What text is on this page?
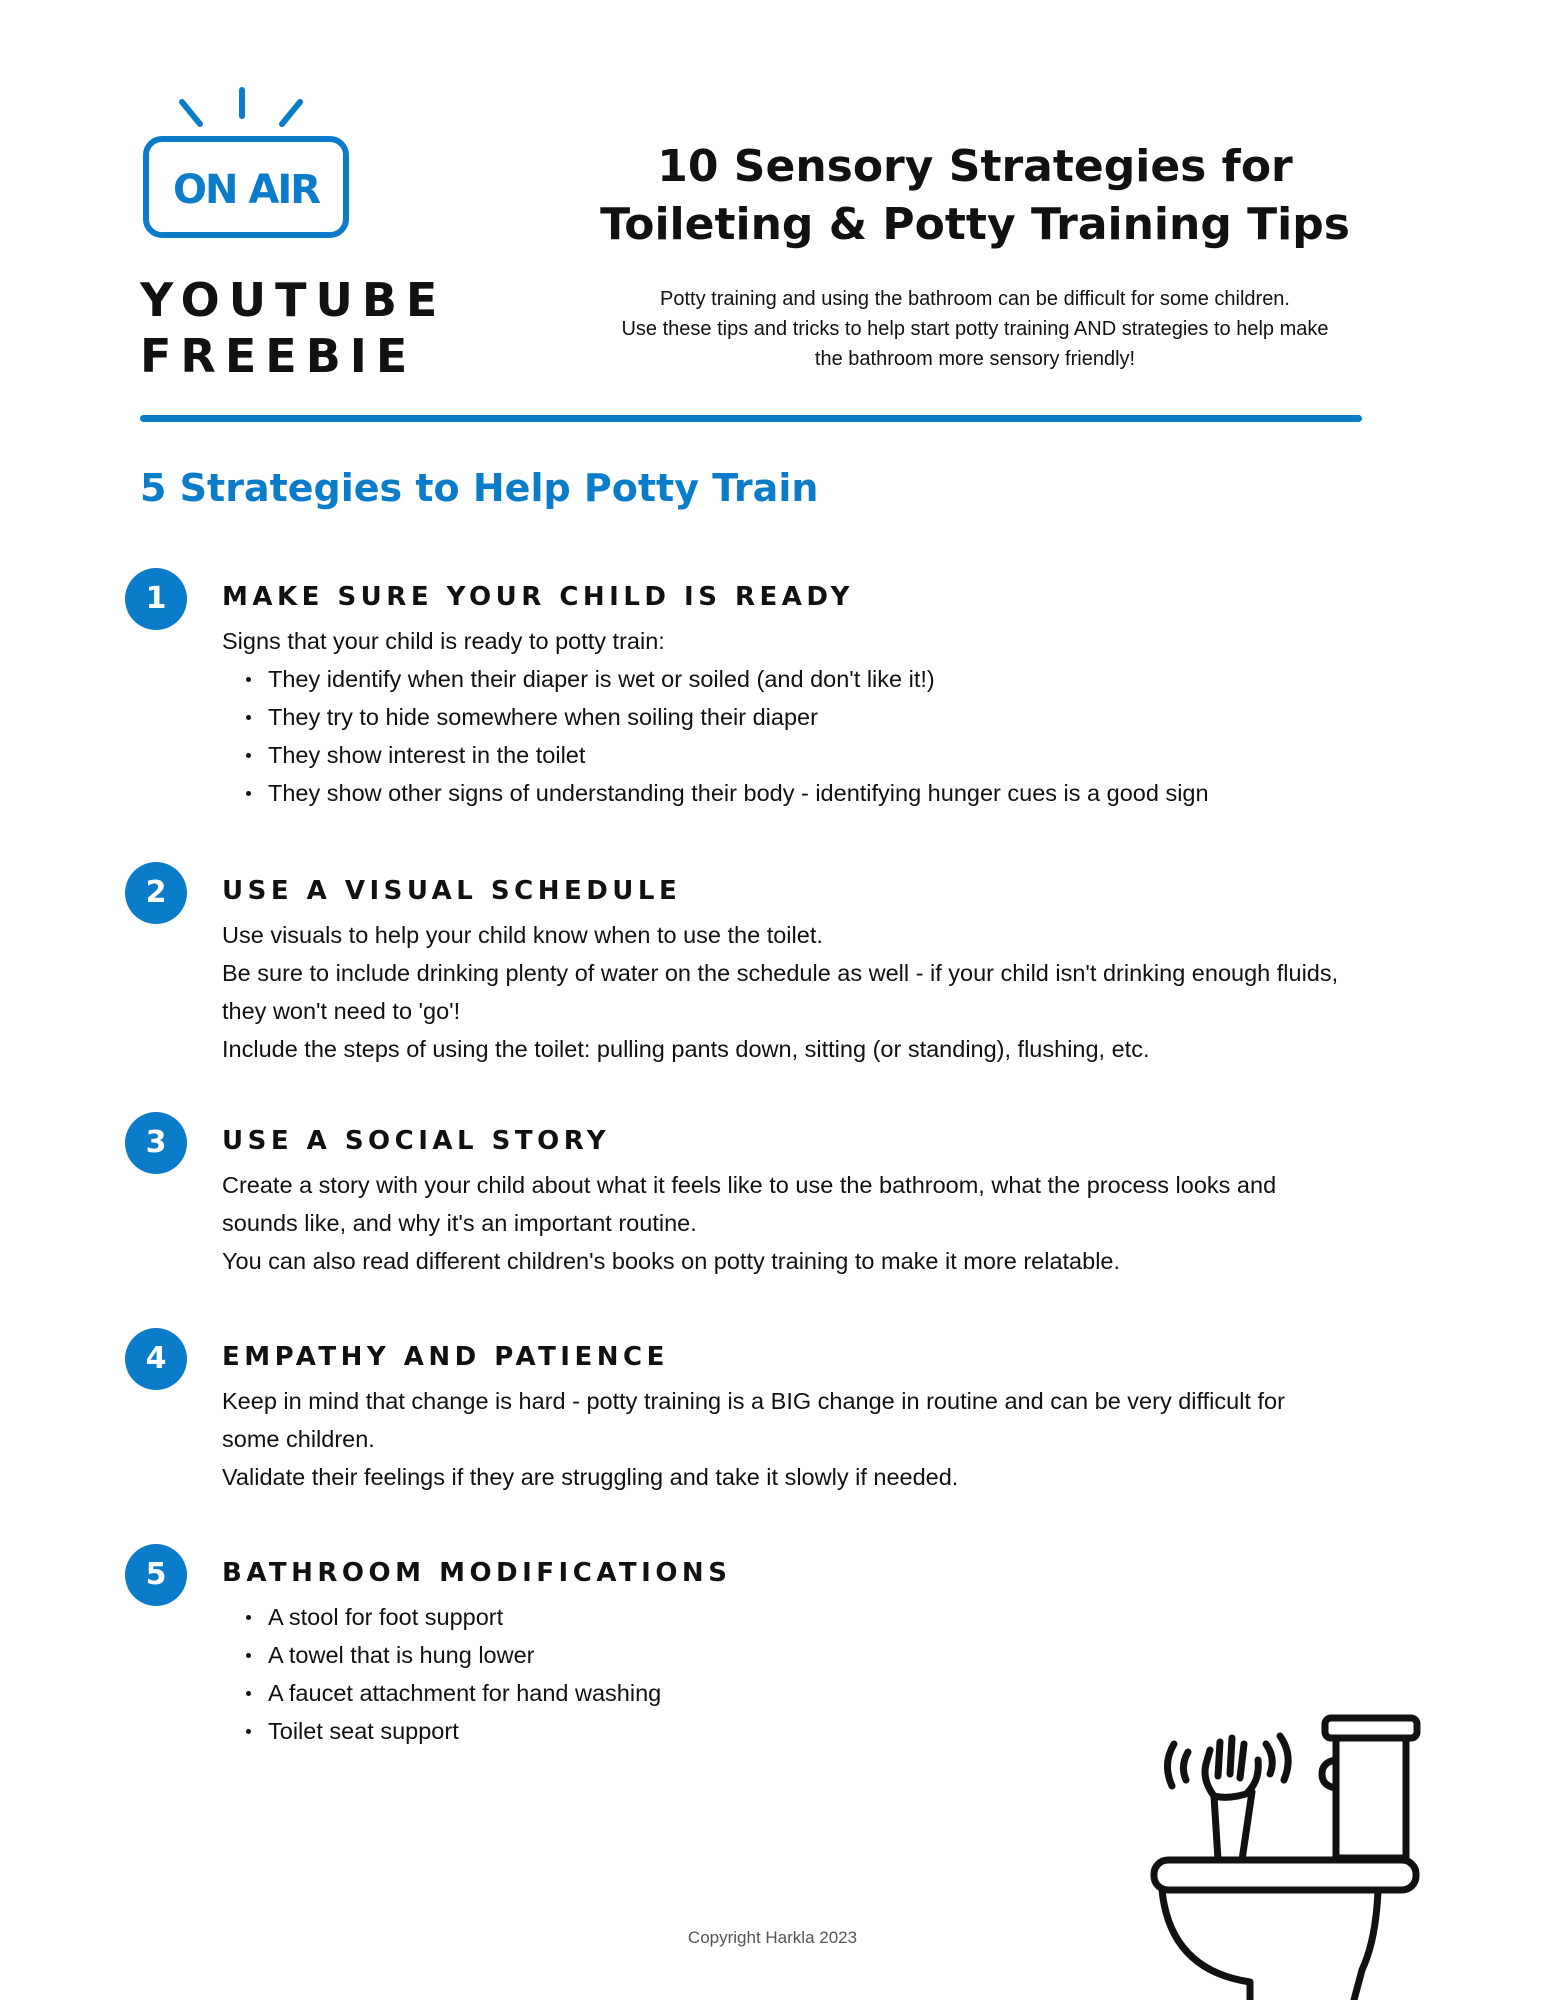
ON AIR
YOUTUBE
FREEBIE
10 Sensory Strategies for
Toileting & Potty Training Tips
Potty training and using the bathroom can be difficult for some children.
Use these tips and tricks to help start potty training AND strategies to help make
the bathroom more sensory friendly!
5 Strategies to Help Potty Train
1	MAKE SURE YOUR CHILD IS READY

Signs that your child is ready to potty train:

They identify when their diaper is wet or soiled (and don't like it!)
They try to hide somewhere when soiling their diaper
They show interest in the toilet
They show other signs of understanding their body - identifying hunger cues is a good sign
2	USE A VISUAL SCHEDULE

Use visuals to help your child know when to use the toilet.

Be sure to include drinking plenty of water on the schedule as well - if your child isn't drinking enough fluids,

they won't need to 'go'!

Include the steps of using the toilet: pulling pants down, sitting (or standing), flushing, etc.

3	USE A SOCIAL STORY

Create a story with your child about what it feels like to use the bathroom, what the process looks and

sounds like, and why it's an important routine.

You can also read different children's books on potty training to make it more relatable.

4	EMPATHY AND PATIENCE

Keep in mind that change is hard - potty training is a BIG change in routine and can be very difficult for

some children.

Validate their feelings if they are struggling and take it slowly if needed.

5	BATHROOM MODIFICATIONS
A stool for foot support
A towel that is hung lower
A faucet attachment for hand washing
Toilet seat support
Copyright Harkla 2023
